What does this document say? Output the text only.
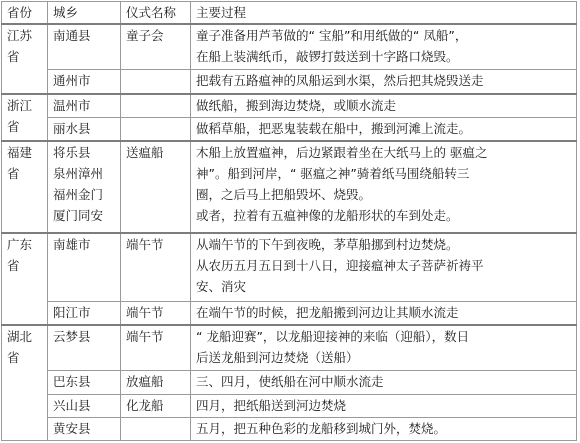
省份	城乡	仪式名称	主要过程
江苏省	南通县	童子会	童子准备用芦苇做的“ 宝船”和用纸做的“ 凤船”，
在船上装满纸币，敲锣打鼓送到十字路口烧毁。

	通州市		把载有五路瘟神的凤船运到水渠，然后把其烧毁送走

浙江省	温州市		做纸船，搬到海边焚烧，或顺水流走

	丽水县		做稻草船，把恶鬼装载在船中，搬到河滩上流走。

福建省	将乐县
泉州漳州
福州金门
厦门同安	送瘟船	木船上放置瘟神，后边紧跟着坐在大纸马上的 驱瘟之
神”。船到河岸，“ 驱瘟之神”骑着纸马围绕船转三
圈，之后马上把船毁坏、烧毁。
或者，拉着有五瘟神像的龙船形状的车到处走。

广东省	南雄市	端午节	从端午节的下午到夜晚，茅草船挪到村边焚烧。
从农历五月五日到十八日，迎接瘟神太子菩萨祈祷平
安、消灾

	阳江市	端午节	在端午节的时候，把龙船搬到河边让其顺水流走

湖北省	云梦县	端午节	“ 龙船迎赛”，以龙船迎接神的来临（迎船），数日
后送龙船到河边焚烧（送船）

	巴东县	放瘟船	三、四月，使纸船在河中顺水流走

	兴山县	化龙船	四月，把纸船送到河边焚烧

	黄安县		五月，把五种色彩的龙船移到城门外，焚烧。
